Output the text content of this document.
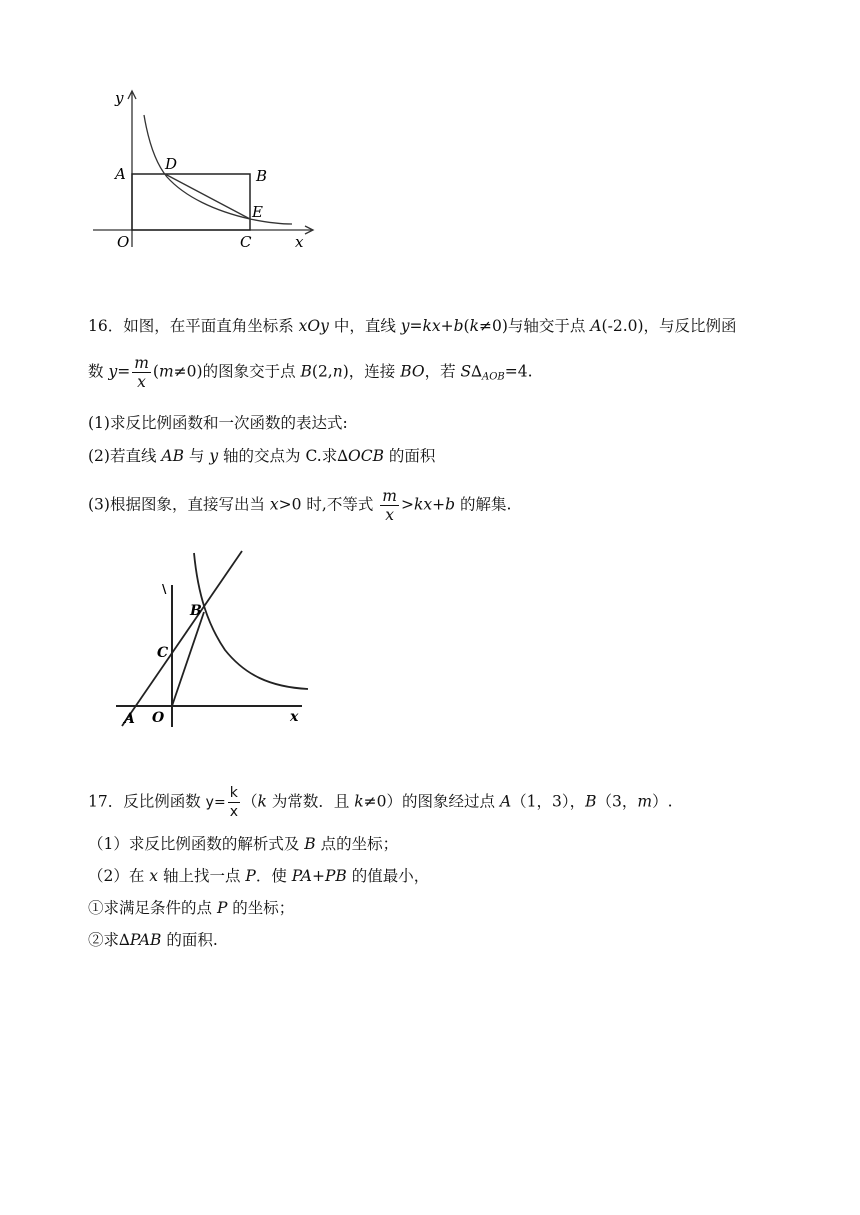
y
A
D
B
E
O	C	x
16．如图，在平面直角坐标系 xOy 中，直线 y=kx+b(k≠0)与轴交于点 A(-2.0)，与反比例函
数 $y= \frac{m}{x} (m\ne 0)$的图象交于点 B(2,n)，连接 BO，若 S∆AOB=4.
(1)求反比例函数和一次函数的表达式:
(2)若直线 AB 与 y 轴的交点为 C.求∆OCB 的面积
(3)根据图象，直接写出当 x>0 时,不等式 $\frac{m}{x} >kx+b$ 的解集.
\
B
C
A O	x
17．反比例函数 $y= \frac{k}{x} (k$ 为常数．且 k≠0）的图象经过点 A（1，3），B（3，m）.
（1）求反比例函数的解析式及 B 点的坐标；
（2）在 x 轴上找一点 P．使 PA+PB 的值最小，
①求满足条件的点 P 的坐标；
②求∆PAB 的面积.
